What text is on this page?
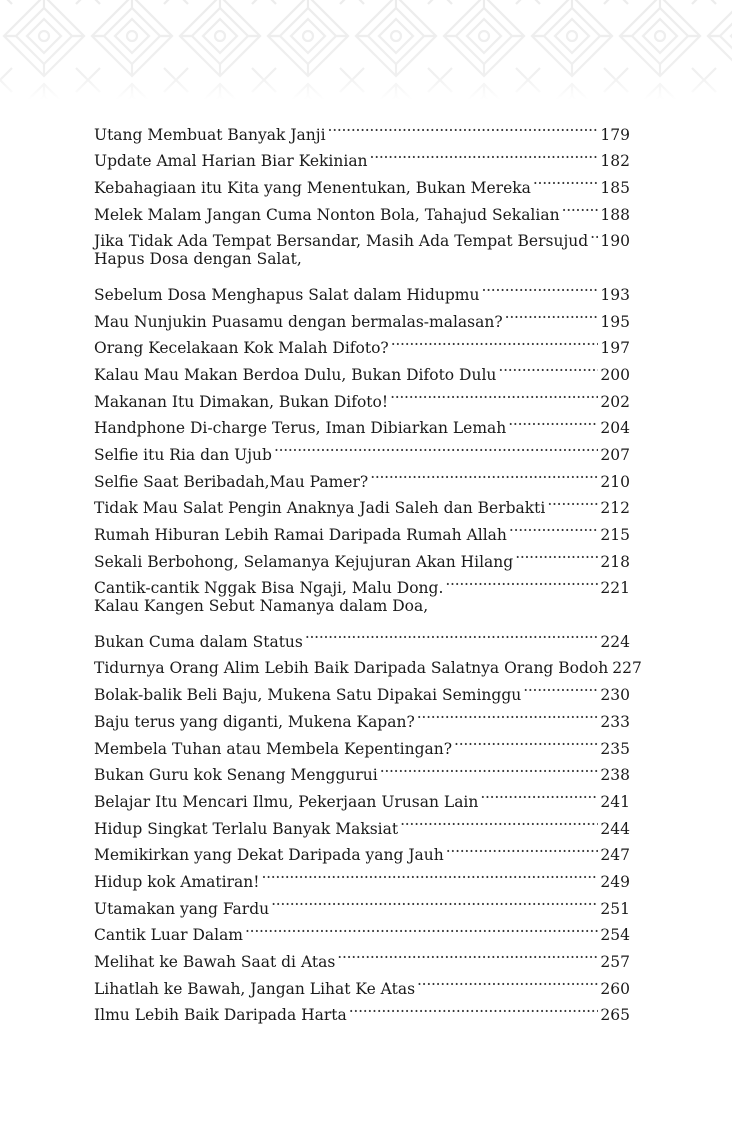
Utang Membuat Banyak Janji . . .	179
Update Amal Harian Biar Kekinian . . .	182
Kebahagiaan itu Kita yang Menentukan, Bukan Mereka . . .	185
Melek Malam Jangan Cuma Nonton Bola, Tahajud Sekalian . . .	188
Jika Tidak Ada Tempat Bersandar, Masih Ada Tempat Bersujud . . . 190
Hapus Dosa dengan Salat,
Sebelum Dosa Menghapus Salat dalam Hidupmu . . .	193
Mau Nunjukin Puasamu dengan bermalas-malasan? . . .	195
Orang Kecelakaan Kok Malah Difoto? . . .	197
Kalau Mau Makan Berdoa Dulu, Bukan Difoto Dulu . . .	200
Makanan Itu Dimakan, Bukan Difoto! . . .	202
Handphone Di-charge Terus, Iman Dibiarkan Lemah . . .	204
Selfie itu Ria dan Ujub . . .	207
Selfie Saat Beribadah,Mau Pamer? . . .	210
Tidak Mau Salat Pengin Anaknya Jadi Saleh dan Berbakti . . .	212
Rumah Hiburan Lebih Ramai Daripada Rumah Allah . . .	215
Sekali Berbohong, Selamanya Kejujuran Akan Hilang . . .	218
Cantik-cantik Nggak Bisa Ngaji, Malu Dong. . . .	221
Kalau Kangen Sebut Namanya dalam Doa,
Bukan Cuma dalam Status . . .	224
Tidurnya Orang Alim Lebih Baik Daripada Salatnya Orang Bodoh 227
Bolak-balik Beli Baju, Mukena Satu Dipakai Seminggu . . .	230
Baju terus yang diganti, Mukena Kapan? . . .	233
Membela Tuhan atau Membela Kepentingan? . . .	235
Bukan Guru kok Senang Menggurui . . .	238
Belajar Itu Mencari Ilmu, Pekerjaan Urusan Lain . . .	241
Hidup Singkat Terlalu Banyak Maksiat . . .	244
Memikirkan yang Dekat Daripada yang Jauh . . .	247
Hidup kok Amatiran! . . .	249
Utamakan yang Fardu . . .	251
Cantik Luar Dalam . . .	254
Melihat ke Bawah Saat di Atas . . .	257
Lihatlah ke Bawah, Jangan Lihat Ke Atas . . .	260
Ilmu Lebih Baik Daripada Harta . . .	265
